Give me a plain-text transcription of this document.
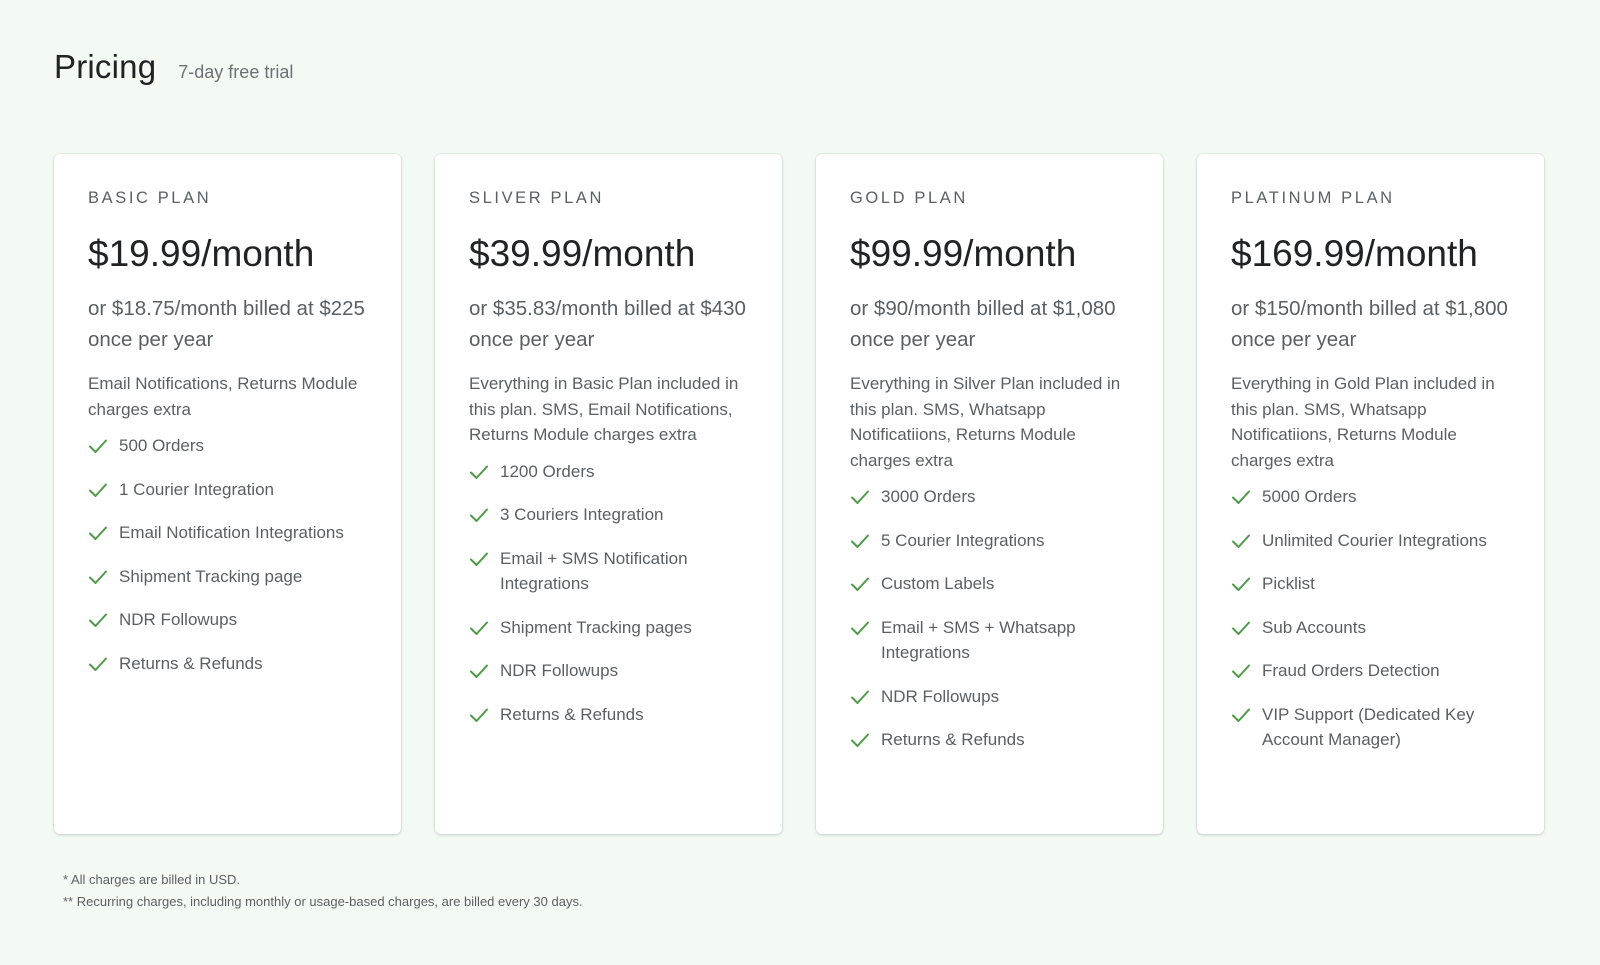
Pricing 7-day free trial
BASIC PLAN
$19.99/month
or $18.75/month billed at $225 once per year
Email Notifications, Returns Module charges extra
500 Orders
1 Courier Integration
Email Notification Integrations
Shipment Tracking page
NDR Followups
Returns & Refunds
SLIVER PLAN
$39.99/month
or $35.83/month billed at $430 once per year
Everything in Basic Plan included in this plan. SMS, Email Notifications, Returns Module charges extra
1200 Orders
3 Couriers Integration
Email + SMS Notification Integrations
Shipment Tracking pages
NDR Followups
Returns & Refunds
GOLD PLAN
$99.99/month
or $90/month billed at $1,080 once per year
Everything in Silver Plan included in this plan. SMS, Whatsapp Notificatiions, Returns Module charges extra
3000 Orders
5 Courier Integrations
Custom Labels
Email + SMS + Whatsapp Integrations
NDR Followups
Returns & Refunds
PLATINUM PLAN
$169.99/month
or $150/month billed at $1,800 once per year
Everything in Gold Plan included in this plan. SMS, Whatsapp Notificatiions, Returns Module charges extra
5000 Orders
Unlimited Courier Integrations
Picklist
Sub Accounts
Fraud Orders Detection
VIP Support (Dedicated Key Account Manager)
* All charges are billed in USD.
** Recurring charges, including monthly or usage-based charges, are billed every 30 days.
